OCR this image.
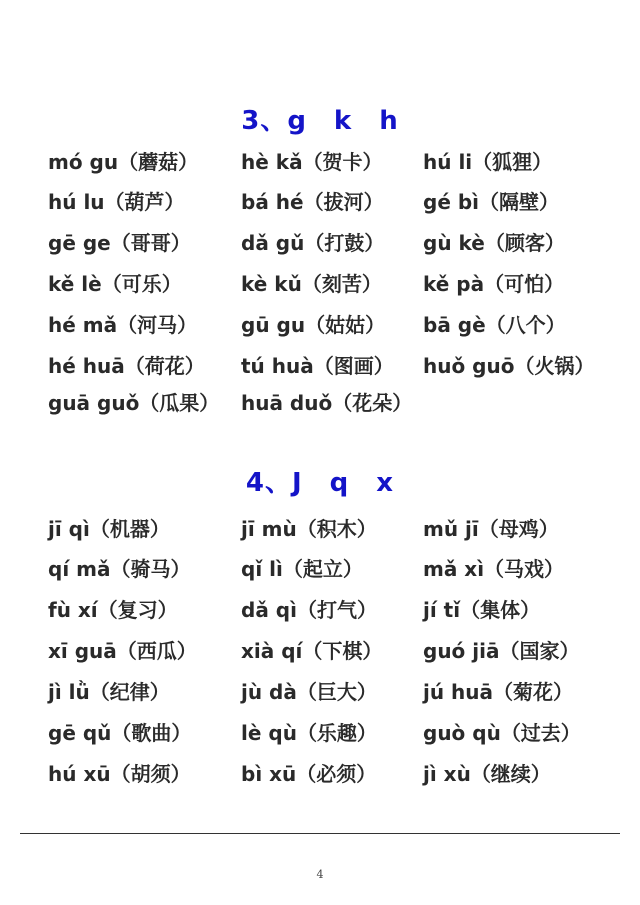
3、g　k　h
mó gu（蘑菇） hè kǎ（贺卡） hú li（狐狸）
hú lu（葫芦）	bá hé（拔河） gé bì（隔壁）
gē ge（哥哥）	dǎ gǔ（打鼓） gù kè（顾客）
kě lè（可乐）	kè kǔ（刻苦） kě pà（可怕）
hé mǎ（河马） gū gu（姑姑） bā gè（八个）
hé huā（荷花） tú huà（图画） huǒ guō（火锅）
guā guǒ（瓜果） huā duǒ（花朵）
4、J　q　x
jī qì（机器）	jī mù（积木） mǔ jī（母鸡）
qí mǎ（骑马）	qǐ lì（起立）	mǎ xì（马戏）
fù xí（复习）	dǎ qì（打气） jí tǐ（集体）
xī guā（西瓜） xià qí（下棋） guó jiā（国家）
jì lǜ（纪律）	jù dà（巨大） jú huā（菊花）
gē qǔ（歌曲） lè qù（乐趣） guò qù（过去）
hú xū（胡须）	bì xū（必须） jì xù（继续）
4
